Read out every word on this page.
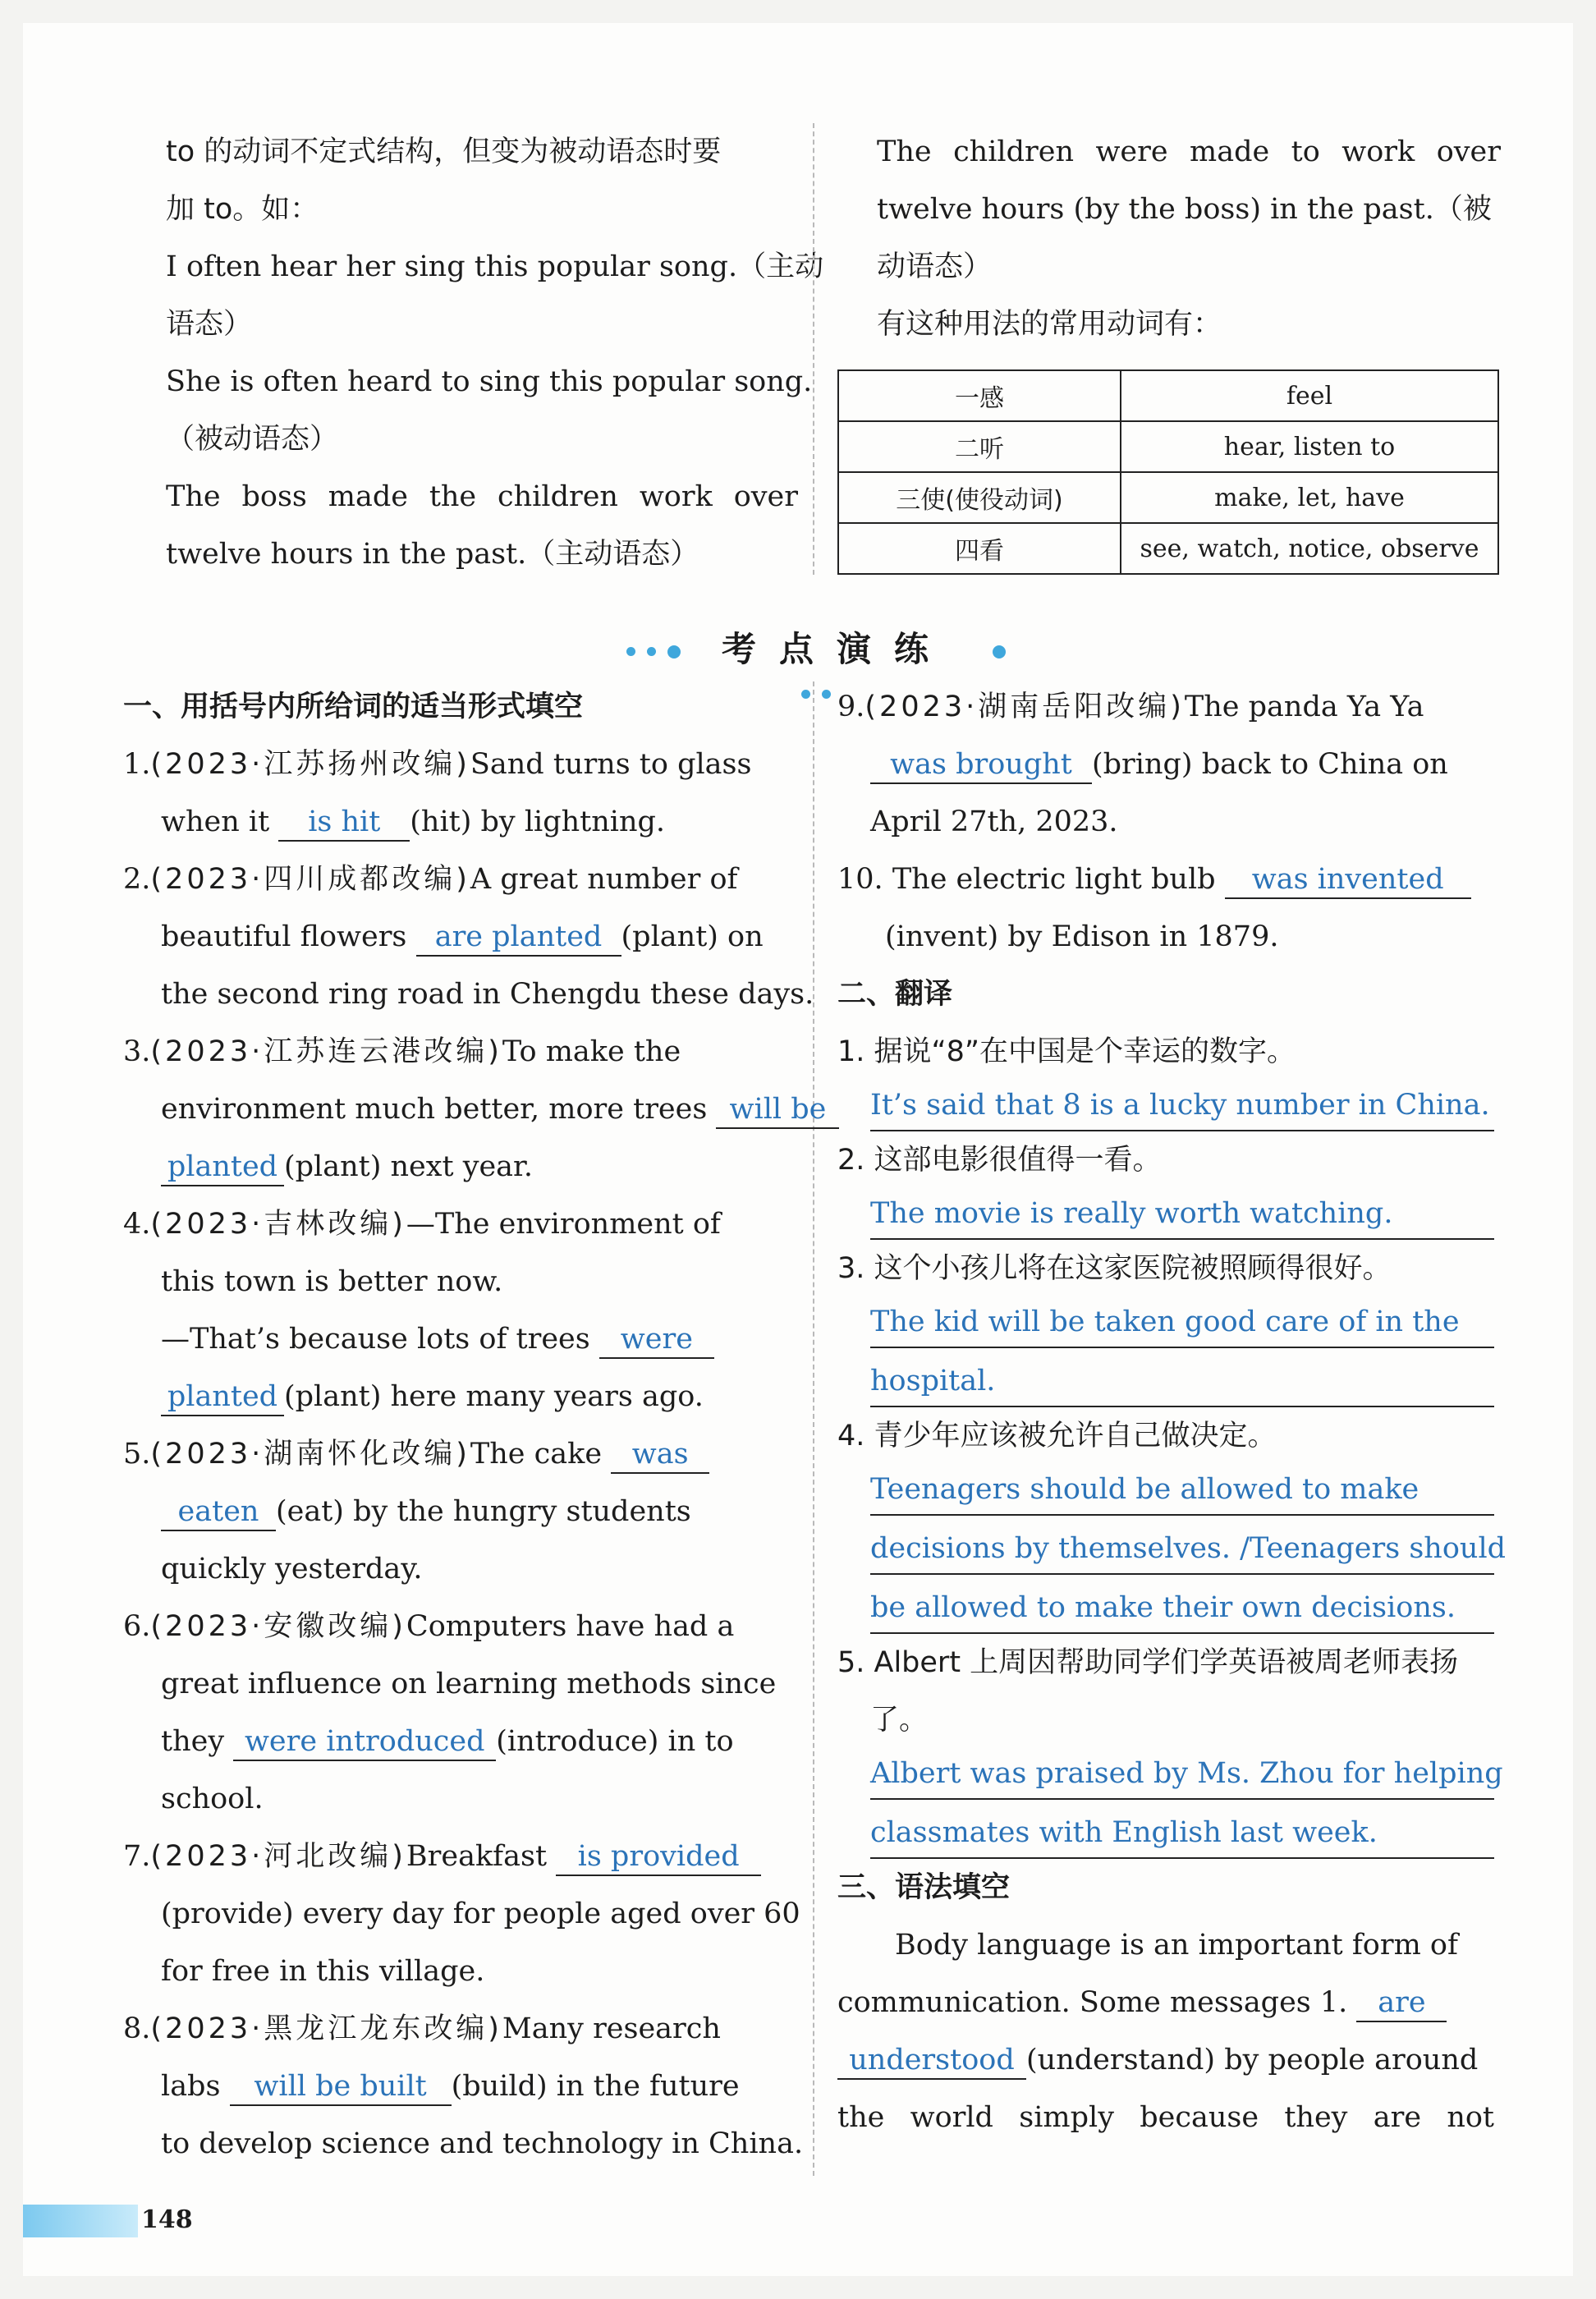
to 的动词不定式结构，但变为被动语态时要
加 to。如：
I often hear her sing this popular song.（主动
语态）
She is often heard to sing this popular song.
（被动语态）
The boss made the children work over
twelve hours in the past.（主动语态）
The children were made to work over
twelve hours (by the boss) in the past.（被
动语态）
有这种用法的常用动词有：
一感	feel
二听	hear, listen to
三使(使役动词)	make, let, have
四看	see, watch, notice, observe
考点演练
一、用括号内所给词的适当形式填空
1.(2023·江苏扬州改编)Sand turns to glass
when it is hit (hit) by lightning.
2.(2023·四川成都改编)A great number of
beautiful flowers are planted (plant) on
the second ring road in Chengdu these days.
3.(2023·江苏连云港改编)To make the
environment much better, more trees will be
planted (plant) next year.
4.(2023·吉林改编)—The environment of
this town is better now.
—That’s because lots of trees were
planted (plant) here many years ago.
5.(2023·湖南怀化改编)The cake was
eaten (eat) by the hungry students
quickly yesterday.
6.(2023·安徽改编)Computers have had a
great influence on learning methods since
they were introduced (introduce) in to
school.
7.(2023·河北改编)Breakfast is provided
(provide) every day for people aged over 60
for free in this village.
8.(2023·黑龙江龙东改编)Many research
labs will be built (build) in the future
to develop science and technology in China.
9.(2023·湖南岳阳改编)The panda Ya Ya
was brought (bring) back to China on
April 27th, 2023.
10. The electric light bulb was invented
(invent) by Edison in 1879.
二、翻译
1. 据说“8”在中国是个幸运的数字。
It’s said that 8 is a lucky number in China.
2. 这部电影很值得一看。
The movie is really worth watching.
3. 这个小孩儿将在这家医院被照顾得很好。
The kid will be taken good care of in the
hospital.
4. 青少年应该被允许自己做决定。
Teenagers should be allowed to make
decisions by themselves. /Teenagers should
be allowed to make their own decisions.
5. Albert 上周因帮助同学们学英语被周老师表扬
了。
Albert was praised by Ms. Zhou for helping
classmates with English last week.
三、语法填空
Body language is an important form of
communication. Some messages 1. are
understood (understand) by people around
the world simply because they are not
148
